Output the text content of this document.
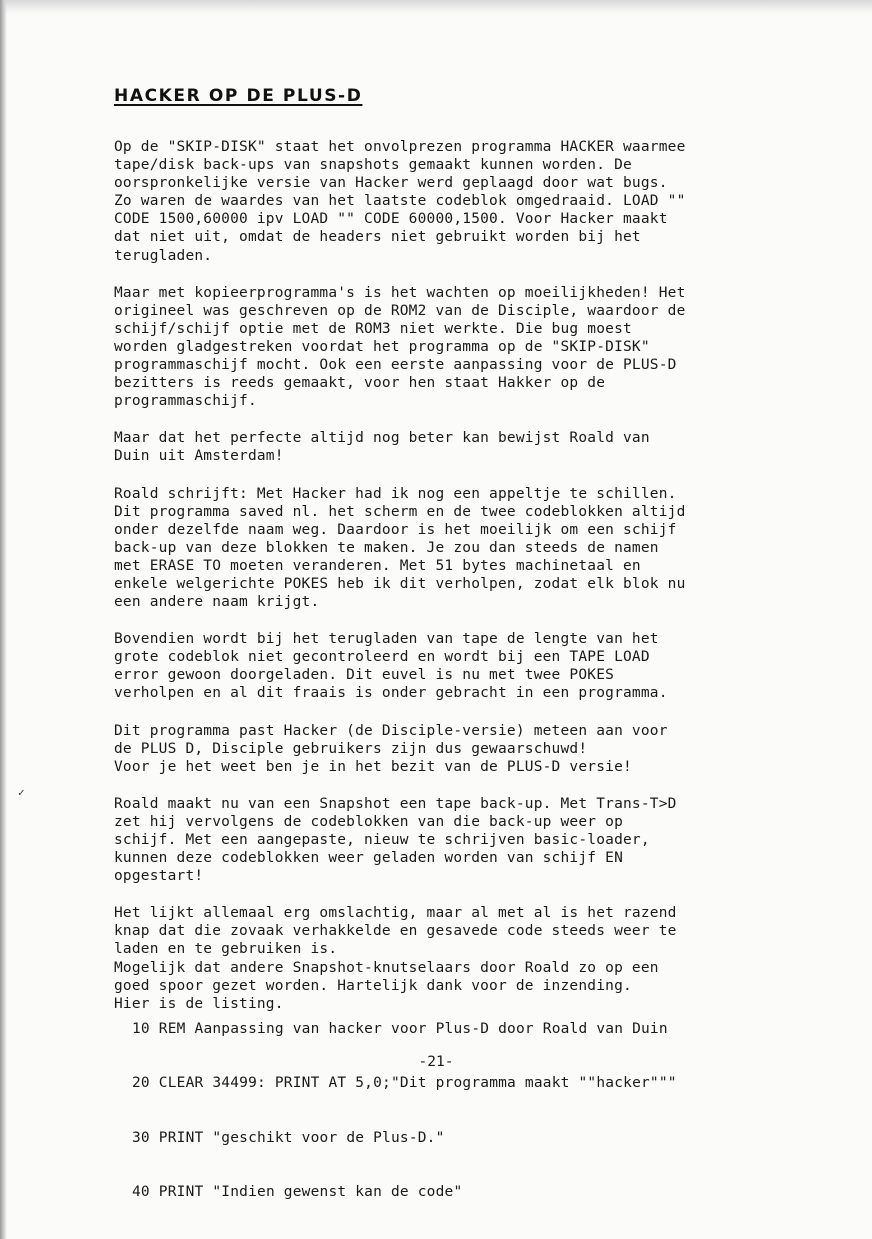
✓
HACKER OP DE PLUS-D

Op de "SKIP-DISK" staat het onvolprezen programma HACKER waarmee
tape/disk back-ups van snapshots gemaakt kunnen worden. De
oorspronkelijke versie van Hacker werd geplaagd door wat bugs.
Zo waren de waardes van het laatste codeblok omgedraaid. LOAD ""
CODE 1500,60000 ipv LOAD "" CODE 60000,1500. Voor Hacker maakt
dat niet uit, omdat de headers niet gebruikt worden bij het
terugladen.

Maar met kopieerprogramma's is het wachten op moeilijkheden! Het
origineel was geschreven op de ROM2 van de Disciple, waardoor de
schijf/schijf optie met de ROM3 niet werkte. Die bug moest
worden gladgestreken voordat het programma op de "SKIP-DISK"
programmaschijf mocht. Ook een eerste aanpassing voor de PLUS-D
bezitters is reeds gemaakt, voor hen staat Hakker op de
programmaschijf.

Maar dat het perfecte altijd nog beter kan bewijst Roald van
Duin uit Amsterdam!

Roald schrijft: Met Hacker had ik nog een appeltje te schillen.
Dit programma saved nl. het scherm en de twee codeblokken altijd
onder dezelfde naam weg. Daardoor is het moeilijk om een schijf
back-up van deze blokken te maken. Je zou dan steeds de namen
met ERASE TO moeten veranderen. Met 51 bytes machinetaal en
enkele welgerichte POKES heb ik dit verholpen, zodat elk blok nu
een andere naam krijgt.

Bovendien wordt bij het terugladen van tape de lengte van het
grote codeblok niet gecontroleerd en wordt bij een TAPE LOAD
error gewoon doorgeladen. Dit euvel is nu met twee POKES
verholpen en al dit fraais is onder gebracht in een programma.

Dit programma past Hacker (de Disciple-versie) meteen aan voor
de PLUS D, Disciple gebruikers zijn dus gewaarschuwd!
Voor je het weet ben je in het bezit van de PLUS-D versie!

Roald maakt nu van een Snapshot een tape back-up. Met Trans-T>D
zet hij vervolgens de codeblokken van die back-up weer op
schijf. Met een aangepaste, nieuw te schrijven basic-loader,
kunnen deze codeblokken weer geladen worden van schijf EN
opgestart!

Het lijkt allemaal erg omslachtig, maar al met al is het razend
knap dat die zovaak verhakkelde en gesavede code steeds weer te
laden en te gebruiken is.
Mogelijk dat andere Snapshot-knutselaars door Roald zo op een
goed spoor gezet worden. Hartelijk dank voor de inzending.
Hier is de listing.

10 REM Aanpassing van hacker voor Plus-D door Roald van Duin

20 CLEAR 34499: PRINT AT 5,0;"Dit programma maakt ""hacker"""

30 PRINT "geschikt voor de Plus-D."

40 PRINT "Indien gewenst kan de code"

-21-
